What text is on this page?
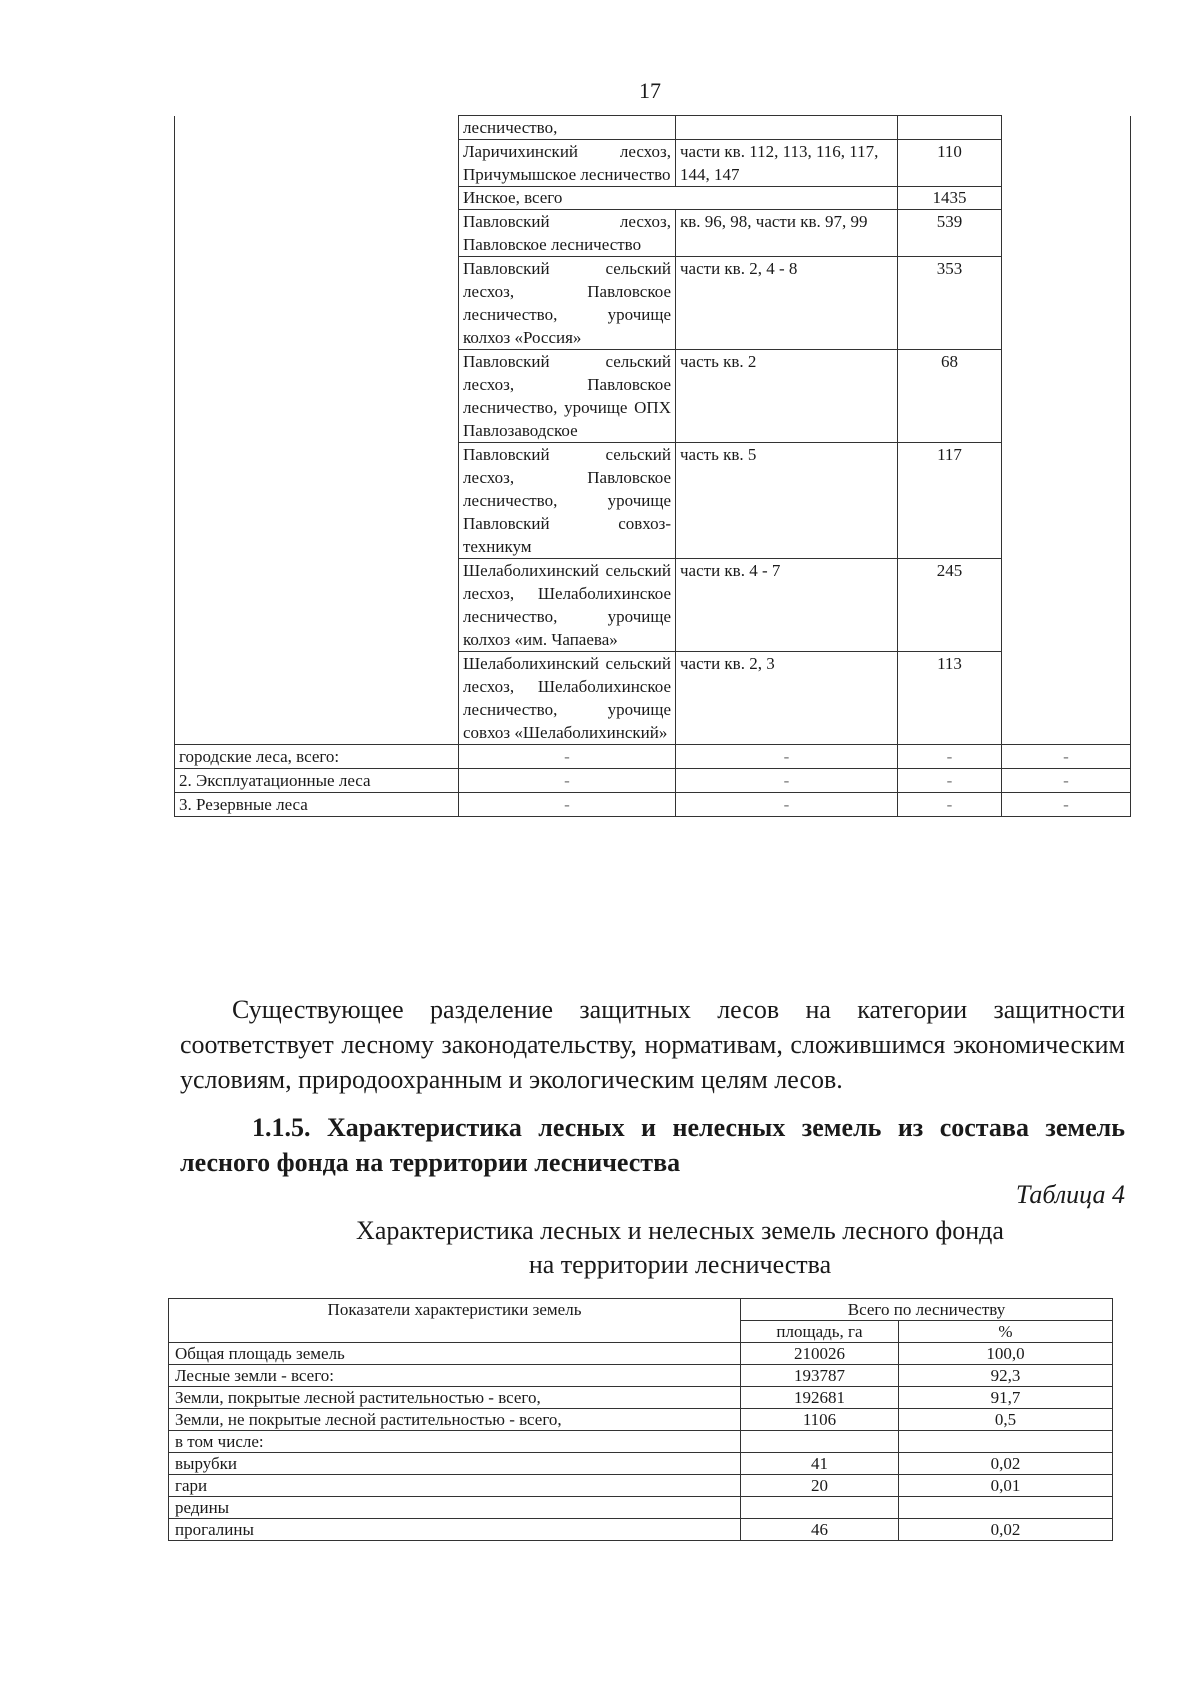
17
	лесничество,			
	Ларичихинский лесхоз, Причумышское лесничество	части кв. 112, 113, 116, 117, 144, 147	110	
	Инское, всего		1435	
	Павловский лесхоз, Павловское лесничество	кв. 96, 98, части кв. 97, 99	539	
	Павловский сельский лесхоз, Павловское лесничество, урочище колхоз «Россия»	части кв. 2, 4 - 8	353	
	Павловский сельский лесхоз, Павловское лесничество, урочище ОПХ Павлозаводское	часть кв. 2	68	
	Павловский сельский лесхоз, Павловское лесничество, урочище Павловский совхоз-техникум	часть кв. 5	117	
	Шелаболихинский сельский лесхоз, Шелаболихинское лесничество, урочище колхоз «им. Чапаева»	части кв. 4 - 7	245	
	Шелаболихинский сельский лесхоз, Шелаболихинское лесничество, урочище совхоз «Шелаболихинский»	части кв. 2, 3	113	
городские леса, всего:	-	-	-	-
2. Эксплуатационные леса	-	-	-	-
3. Резервные леса	-	-	-	-
Существующее разделение защитных лесов на категории защитности соответствует лесному законодательству, нормативам, сложившимся экономическим условиям, природоохранным и экологическим целям лесов.
1.1.5. Характеристика лесных и нелесных земель из состава земель лесного фонда на территории лесничества
Таблица 4
Характеристика лесных и нелесных земель лесного фонда
на территории лесничества
Показатели характеристики земель	Всего по лесничеству	
	площадь, га	%
Общая площадь земель	210026	100,0
Лесные земли - всего:	193787	92,3
Земли, покрытые лесной растительностью - всего,	192681	91,7
Земли, не покрытые лесной растительностью - всего,	1106	0,5
в том числе:		
вырубки	41	0,02
гари	20	0,01
редины		
прогалины	46	0,02
